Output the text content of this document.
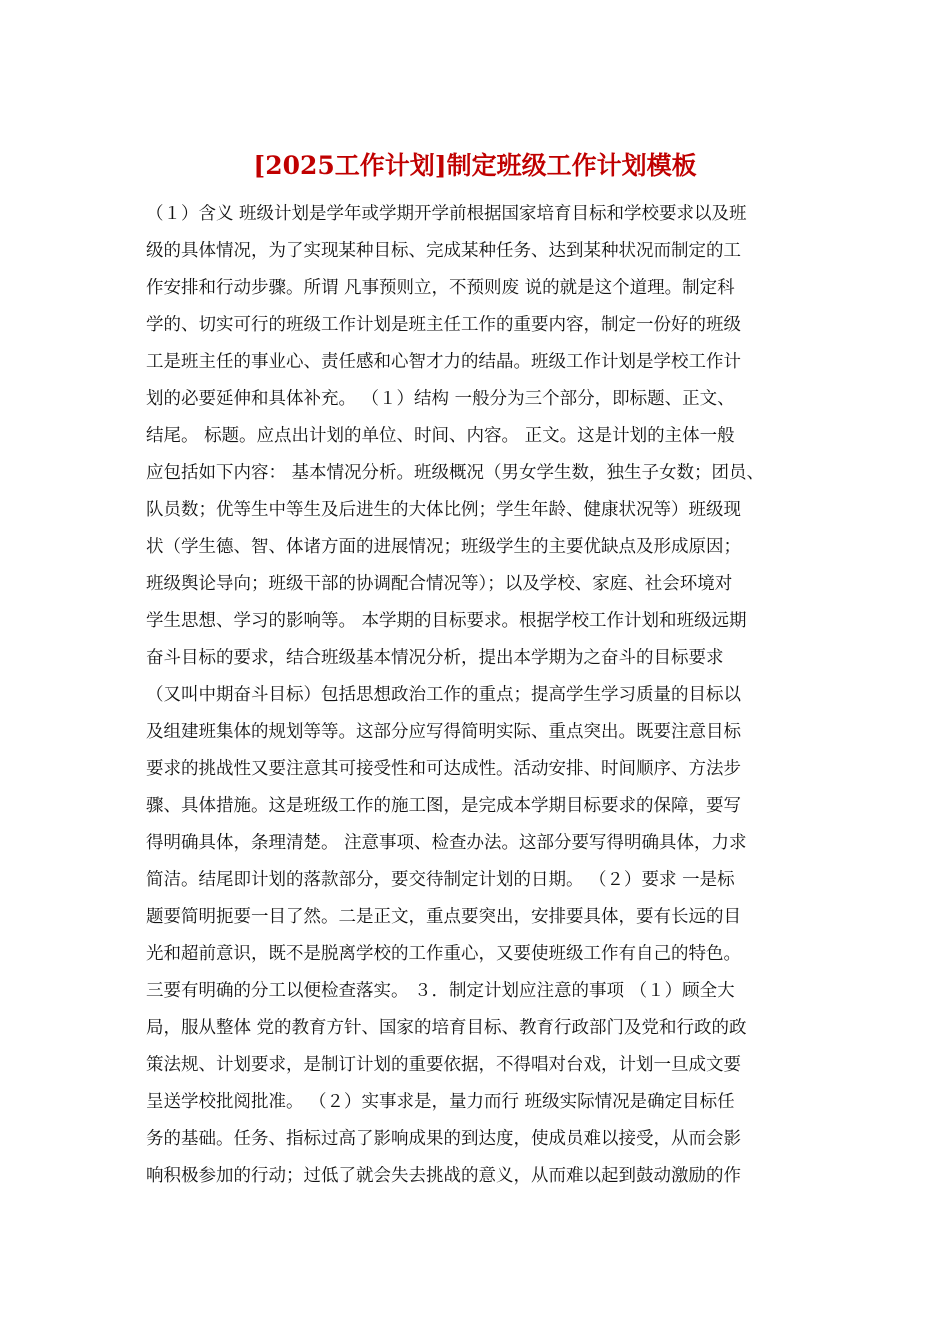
[2025工作计划]制定班级工作计划模板
（１）含义 班级计划是学年或学期开学前根据国家培育目标和学校要求以及班
级的具体情况，为了实现某种目标、完成某种任务、达到某种状况而制定的工
作安排和行动步骤。所谓 凡事预则立，不预则废 说的就是这个道理。制定科
学的、切实可行的班级工作计划是班主任工作的重要内容，制定一份好的班级
工是班主任的事业心、责任感和心智才力的结晶。班级工作计划是学校工作计
划的必要延伸和具体补充。 （１）结构 一般分为三个部分，即标题、正文、
结尾。 标题。应点出计划的单位、时间、内容。 正文。这是计划的主体一般
应包括如下内容： 基本情况分析。班级概况（男女学生数，独生子女数；团员、
队员数；优等生中等生及后进生的大体比例；学生年龄、健康状况等）班级现
状（学生德、智、体诸方面的进展情况；班级学生的主要优缺点及形成原因；
班级舆论导向；班级干部的协调配合情况等）；以及学校、家庭、社会环境对
学生思想、学习的影响等。 本学期的目标要求。根据学校工作计划和班级远期
奋斗目标的要求，结合班级基本情况分析，提出本学期为之奋斗的目标要求
（又叫中期奋斗目标）包括思想政治工作的重点；提高学生学习质量的目标以
及组建班集体的规划等等。这部分应写得简明实际、重点突出。既要注意目标
要求的挑战性又要注意其可接受性和可达成性。活动安排、时间顺序、方法步
骤、具体措施。这是班级工作的施工图，是完成本学期目标要求的保障，要写
得明确具体，条理清楚。 注意事项、检查办法。这部分要写得明确具体，力求
简洁。结尾即计划的落款部分，要交待制定计划的日期。 （２）要求 一是标
题要简明扼要一目了然。二是正文，重点要突出，安排要具体，要有长远的目
光和超前意识，既不是脱离学校的工作重心，又要使班级工作有自己的特色。
三要有明确的分工以便检查落实。 ３．制定计划应注意的事项 （１）顾全大
局，服从整体 党的教育方针、国家的培育目标、教育行政部门及党和行政的政
策法规、计划要求，是制订计划的重要依据，不得唱对台戏，计划一旦成文要
呈送学校批阅批准。 （２）实事求是，量力而行 班级实际情况是确定目标任
务的基础。任务、指标过高了影响成果的到达度，使成员难以接受，从而会影
响积极参加的行动；过低了就会失去挑战的意义，从而难以起到鼓动激励的作
